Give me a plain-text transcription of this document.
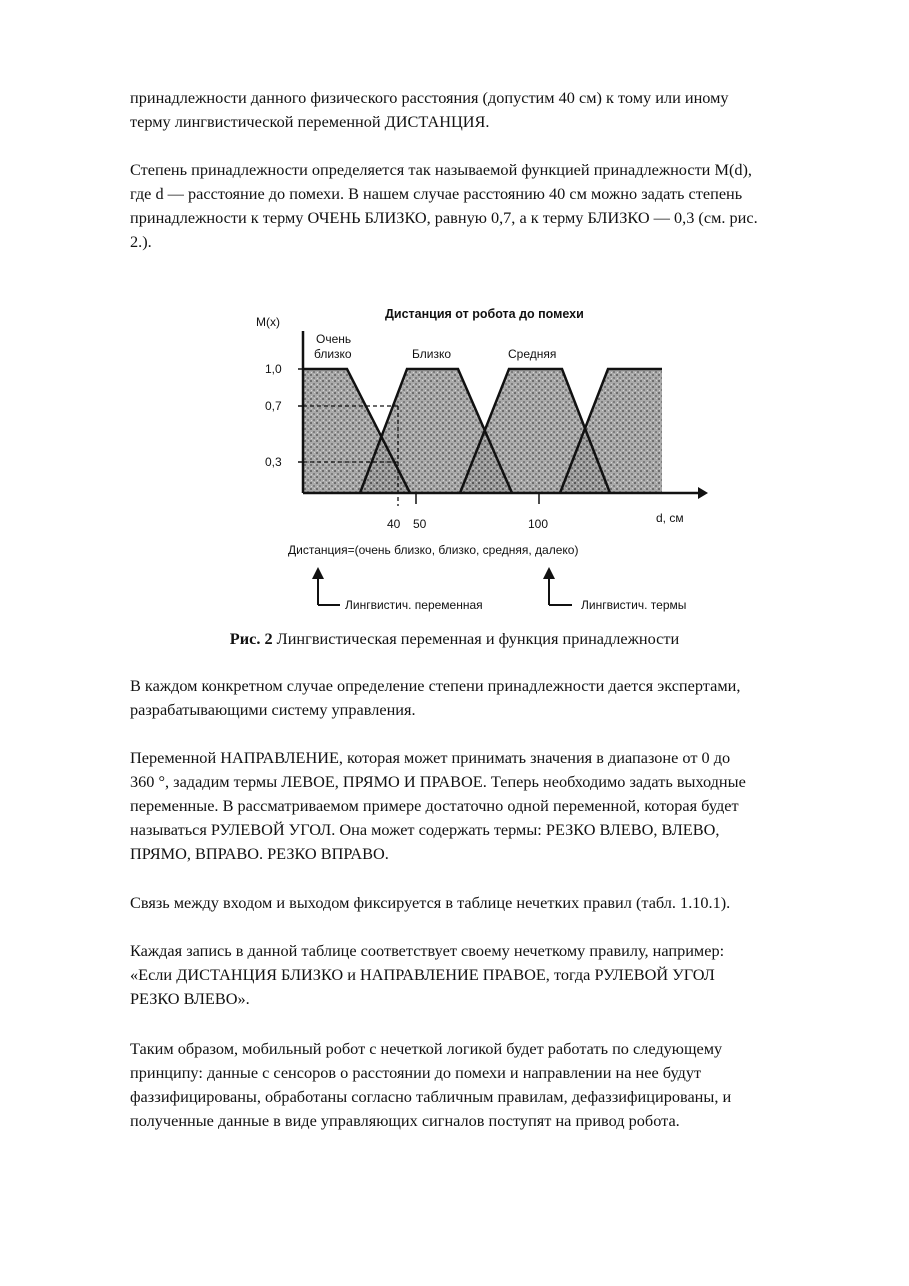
принадлежности данного физического расстояния (допустим 40 см) к тому или иному
терму лингвистической переменной ДИСТАНЦИЯ.

Степень принадлежности определяется так называемой функцией принадлежности M(d),
где d — расстояние до помехи. В нашем случае расстоянию 40 см можно задать степень
принадлежности к терму ОЧЕНЬ БЛИЗКО, равную 0,7, а к терму БЛИЗКО — 0,3 (см. рис.
2.).

Дистанция от робота до помехи
M(x)
Очень
близко	Близко	Средняя
1,0
0,7
0,3
40 50	100	d, см
Дистанция=(очень близко, близко, средняя, далеко)
Лингвистич. переменная	Лингвистич. термы

Рис. 2 Лингвистическая переменная и функция принадлежности

В каждом конкретном случае определение степени принадлежности дается экспертами,
разрабатывающими систему управления.

Переменной НАПРАВЛЕНИЕ, которая может принимать значения в диапазоне от 0 до
360 °, зададим термы ЛЕВОЕ, ПРЯМО И ПРАВОЕ. Теперь необходимо задать выходные
переменные. В рассматриваемом примере достаточно одной переменной, которая будет
называться РУЛЕВОЙ УГОЛ. Она может содержать термы: РЕЗКО ВЛЕВО, ВЛЕВО,
ПРЯМО, ВПРАВО. РЕЗКО ВПРАВО.

Связь между входом и выходом фиксируется в таблице нечетких правил (табл. 1.10.1).

Каждая запись в данной таблице соответствует своему нечеткому правилу, например:
«Если ДИСТАНЦИЯ БЛИЗКО и НАПРАВЛЕНИЕ ПРАВОЕ, тогда РУЛЕВОЙ УГОЛ
РЕЗКО ВЛЕВО».

Таким образом, мобильный робот с нечеткой логикой будет работать по следующему
принципу: данные с сенсоров о расстоянии до помехи и направлении на нее будут
фаззифицированы, обработаны согласно табличным правилам, дефаззифицированы, и
полученные данные в виде управляющих сигналов поступят на привод робота.
